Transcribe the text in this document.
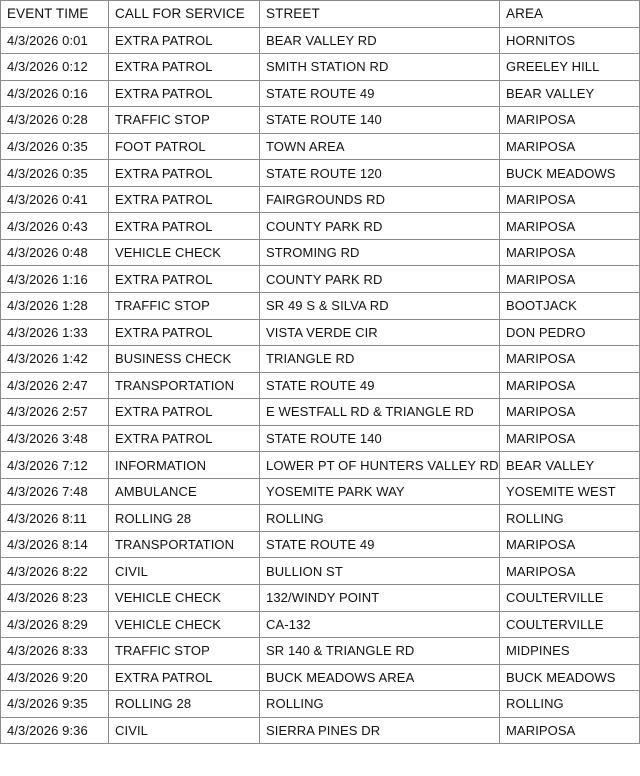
EVENT TIME	CALL FOR SERVICE	STREET	AREA
4/3/2026 0:01	EXTRA PATROL	BEAR VALLEY RD	HORNITOS
4/3/2026 0:12	EXTRA PATROL	SMITH STATION RD	GREELEY HILL
4/3/2026 0:16	EXTRA PATROL	STATE ROUTE 49	BEAR VALLEY
4/3/2026 0:28	TRAFFIC STOP	STATE ROUTE 140	MARIPOSA
4/3/2026 0:35	FOOT PATROL	TOWN AREA	MARIPOSA
4/3/2026 0:35	EXTRA PATROL	STATE ROUTE 120	BUCK MEADOWS
4/3/2026 0:41	EXTRA PATROL	FAIRGROUNDS RD	MARIPOSA
4/3/2026 0:43	EXTRA PATROL	COUNTY PARK RD	MARIPOSA
4/3/2026 0:48	VEHICLE CHECK	STROMING RD	MARIPOSA
4/3/2026 1:16	EXTRA PATROL	COUNTY PARK RD	MARIPOSA
4/3/2026 1:28	TRAFFIC STOP	SR 49 S & SILVA RD	BOOTJACK
4/3/2026 1:33	EXTRA PATROL	VISTA VERDE CIR	DON PEDRO
4/3/2026 1:42	BUSINESS CHECK	TRIANGLE RD	MARIPOSA
4/3/2026 2:47	TRANSPORTATION	STATE ROUTE 49	MARIPOSA
4/3/2026 2:57	EXTRA PATROL	E WESTFALL RD & TRIANGLE RD	MARIPOSA
4/3/2026 3:48	EXTRA PATROL	STATE ROUTE 140	MARIPOSA
4/3/2026 7:12	INFORMATION	LOWER PT OF HUNTERS VALLEY RD	BEAR VALLEY
4/3/2026 7:48	AMBULANCE	YOSEMITE PARK WAY	YOSEMITE WEST
4/3/2026 8:11	ROLLING 28	ROLLING	ROLLING
4/3/2026 8:14	TRANSPORTATION	STATE ROUTE 49	MARIPOSA
4/3/2026 8:22	CIVIL	BULLION ST	MARIPOSA
4/3/2026 8:23	VEHICLE CHECK	132/WINDY POINT	COULTERVILLE
4/3/2026 8:29	VEHICLE CHECK	CA-132	COULTERVILLE
4/3/2026 8:33	TRAFFIC STOP	SR 140 & TRIANGLE RD	MIDPINES
4/3/2026 9:20	EXTRA PATROL	BUCK MEADOWS AREA	BUCK MEADOWS
4/3/2026 9:35	ROLLING 28	ROLLING	ROLLING
4/3/2026 9:36	CIVIL	SIERRA PINES DR	MARIPOSA
